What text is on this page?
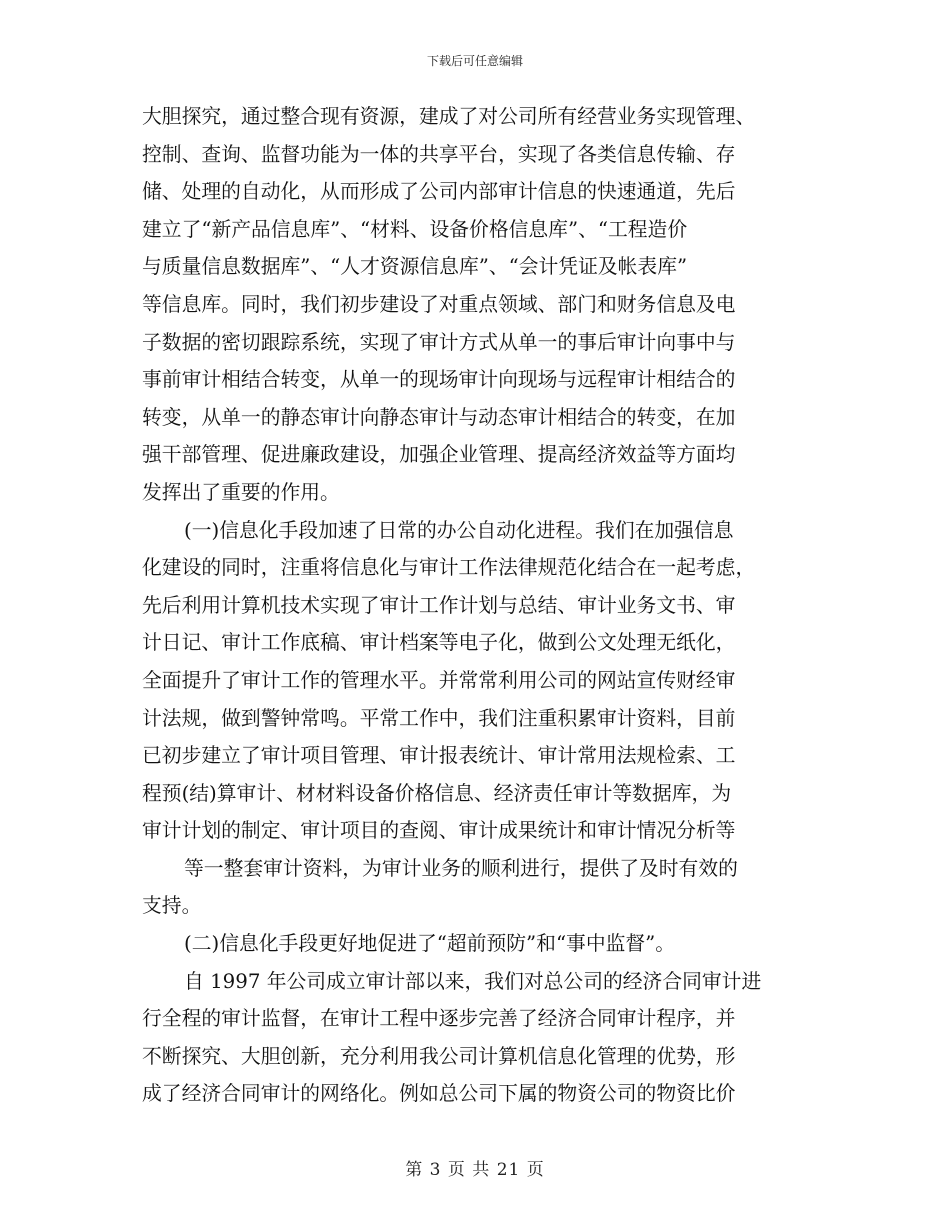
下载后可任意编辑
大胆探究，通过整合现有资源，建成了对公司所有经营业务实现管理、
控制、查询、监督功能为一体的共享平台，实现了各类信息传输、存
储、处理的自动化，从而形成了公司内部审计信息的快速通道，先后
建立了“新产品信息库”、“材料、设备价格信息库”、“工程造价
与质量信息数据库”、“人才资源信息库”、“会计凭证及帐表库”
等信息库。同时，我们初步建设了对重点领域、部门和财务信息及电
子数据的密切跟踪系统，实现了审计方式从单一的事后审计向事中与
事前审计相结合转变，从单一的现场审计向现场与远程审计相结合的
转变，从单一的静态审计向静态审计与动态审计相结合的转变，在加
强干部管理、促进廉政建设，加强企业管理、提高经济效益等方面均
发挥出了重要的作用。
(一)信息化手段加速了日常的办公自动化进程。我们在加强信息
化建设的同时，注重将信息化与审计工作法律规范化结合在一起考虑，
先后利用计算机技术实现了审计工作计划与总结、审计业务文书、审
计日记、审计工作底稿、审计档案等电子化，做到公文处理无纸化，
全面提升了审计工作的管理水平。并常常利用公司的网站宣传财经审
计法规，做到警钟常鸣。平常工作中，我们注重积累审计资料，目前
已初步建立了审计项目管理、审计报表统计、审计常用法规检索、工
程预(结)算审计、材材料设备价格信息、经济责任审计等数据库，为
审计计划的制定、审计项目的查阅、审计成果统计和审计情况分析等
等一整套审计资料，为审计业务的顺利进行，提供了及时有效的
支持。
(二)信息化手段更好地促进了“超前预防”和“事中监督”。
自 1997 年公司成立审计部以来，我们对总公司的经济合同审计进
行全程的审计监督，在审计工程中逐步完善了经济合同审计程序，并
不断探究、大胆创新，充分利用我公司计算机信息化管理的优势，形
成了经济合同审计的网络化。例如总公司下属的物资公司的物资比价
第 3 页 共 21 页
